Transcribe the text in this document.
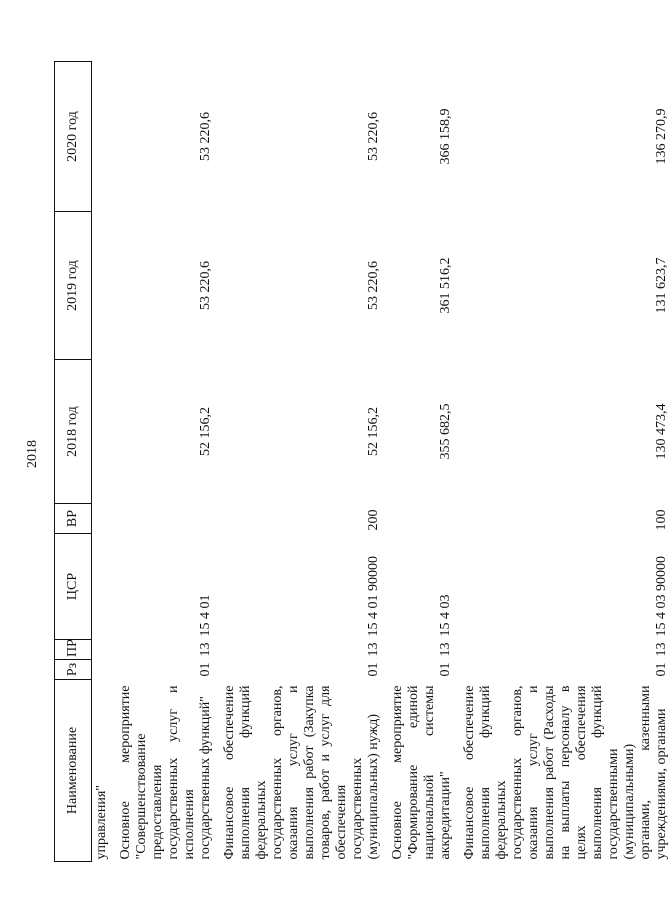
2018
Наименование	Рз	ПР	ЦСР	ВР	2018 год	2019 год	2020 год
управления"							

Основное мероприятие "Совершенствование предоставления государственных услуг и исполнения государственных функций"	01	13	15 4 01		52 156,2	53 220,6	53 220,6

Финансовое обеспечение выполнения функций федеральных государственных органов, оказания услуг и выполнения работ (Закупка товаров, работ и услуг для обеспечения государственных (муниципальных) нужд)	01	13	15 4 01 90000	200	52 156,2	53 220,6	53 220,6

Основное мероприятие "Формирование единой национальной системы аккредитации"	01	13	15 4 03		355 682,5	361 516,2	366 158,9

Финансовое обеспечение выполнения функций федеральных государственных органов, оказания услуг и выполнения работ (Расходы на выплаты персоналу в целях обеспечения выполнения функций государственными (муниципальными) органами, казенными учреждениями, органами	01	13	15 4 03 90000	100	130 473,4	131 623,7	136 270,9
